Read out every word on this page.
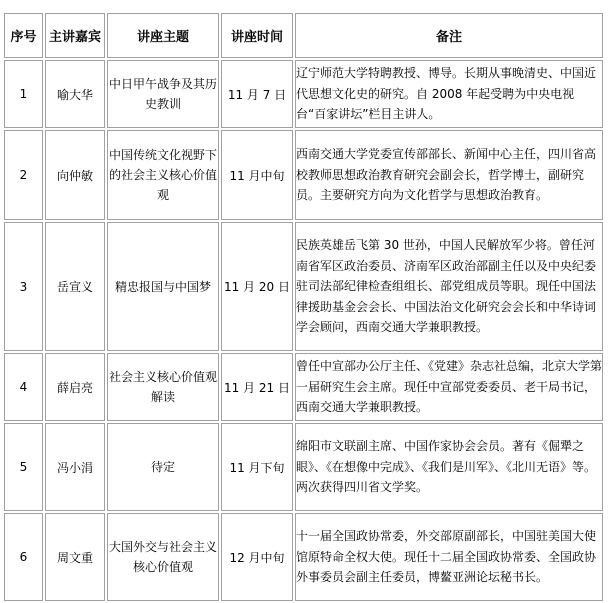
序号	主讲嘉宾	讲座主题	讲座时间	备注
1	喻大华	中日甲午战争及其历史教训	11 月 7 日	辽宁师范大学特聘教授、博导。长期从事晚清史、中国近代思想文化史的研究。自 2008 年起受聘为中央电视台“百家讲坛”栏目主讲人。
2	向仲敏	中国传统文化视野下的社会主义核心价值观	11 月中旬	西南交通大学党委宣传部部长、新闻中心主任，四川省高校教师思想政治教育研究会副会长，哲学博士，副研究员。主要研究方向为文化哲学与思想政治教育。
3	岳宣义	精忠报国与中国梦	11 月 20 日	民族英雄岳飞第 30 世孙，中国人民解放军少将。曾任河南省军区政治委员、济南军区政治部副主任以及中央纪委驻司法部纪律检查组组长、部党组成员等职。现任中国法律援助基金会会长、中国法治文化研究会会长和中华诗词学会顾问，西南交通大学兼职教授。
4	薛启亮	社会主义核心价值观解读	11 月 21 日	曾任中宣部办公厅主任、《党建》杂志社总编，北京大学第一届研究生会主席。现任中宣部党委委员、老干局书记，西南交通大学兼职教授。
5	冯小涓	待定	11 月下旬	绵阳市文联副主席、中国作家协会会员。著有《倔犟之眼》、《在想像中完成》、《我们是川军》、《北川无语》等。两次获得四川省文学奖。
6	周文重	大国外交与社会主义核心价值观	12 月中旬	十一届全国政协常委，外交部原副部长，中国驻美国大使馆原特命全权大使。现任十二届全国政协常委、全国政协外事委员会副主任委员，博鳌亚洲论坛秘书长。
